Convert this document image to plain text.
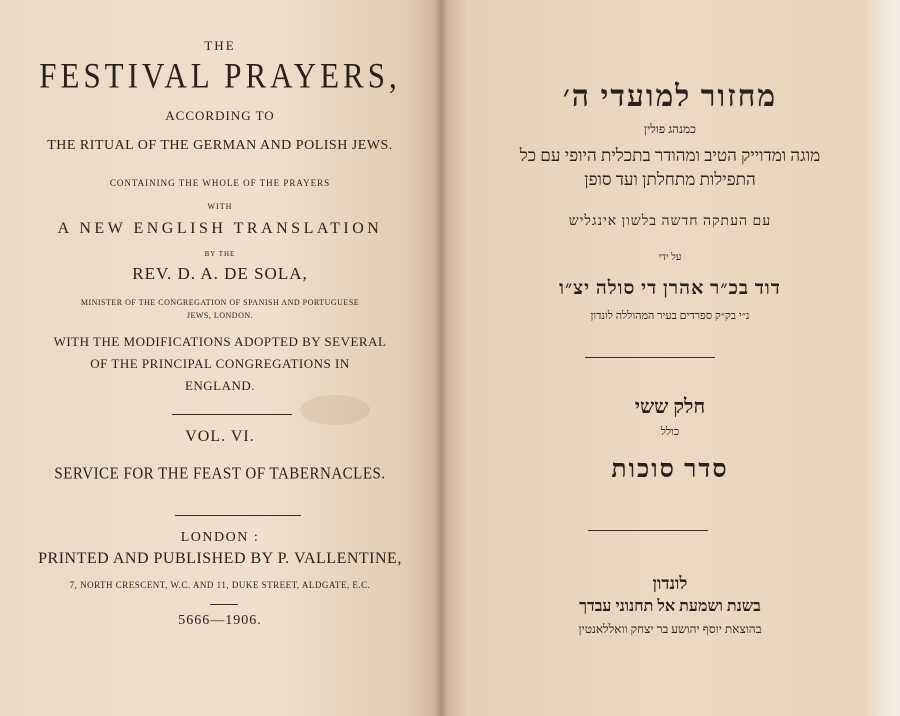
THE
FESTIVAL PRAYERS,
ACCORDING TO
THE RITUAL OF THE GERMAN AND POLISH JEWS.
CONTAINING THE WHOLE OF THE PRAYERS
WITH
A NEW ENGLISH TRANSLATION
BY THE
REV. D. A. DE SOLA,
MINISTER OF THE CONGREGATION OF SPANISH AND PORTUGUESE
JEWS, LONDON.
WITH THE MODIFICATIONS ADOPTED BY SEVERAL
OF THE PRINCIPAL CONGREGATIONS IN
ENGLAND.
VOL. VI.
SERVICE FOR THE FEAST OF TABERNACLES.
LONDON :
PRINTED AND PUBLISHED BY P. VALLENTINE,
7, NORTH CRESCENT, W.C. AND 11, DUKE STREET, ALDGATE, E.C.
5666—1906.
מחזור למועדי ה׳
כמנהג פולין
מוגה ומדוייק הטיב ומהודר בתכלית היופי עם כל
התפילות מתחלתן ועד סופן
עם העתקה חדשה בלשון אינגליש
על ידי
דוד בכ״ר אהרן די סולה יצ״ו
נ״י בק״ק ספרדים בעיר המהוללה לונדון
חלק ששי
כולל
סדר סוכות
לונדון
בשנת ושמעת אל תחנוני עבדך
בהוצאת יוסף יהושע בר יצחק וואללאנטין
